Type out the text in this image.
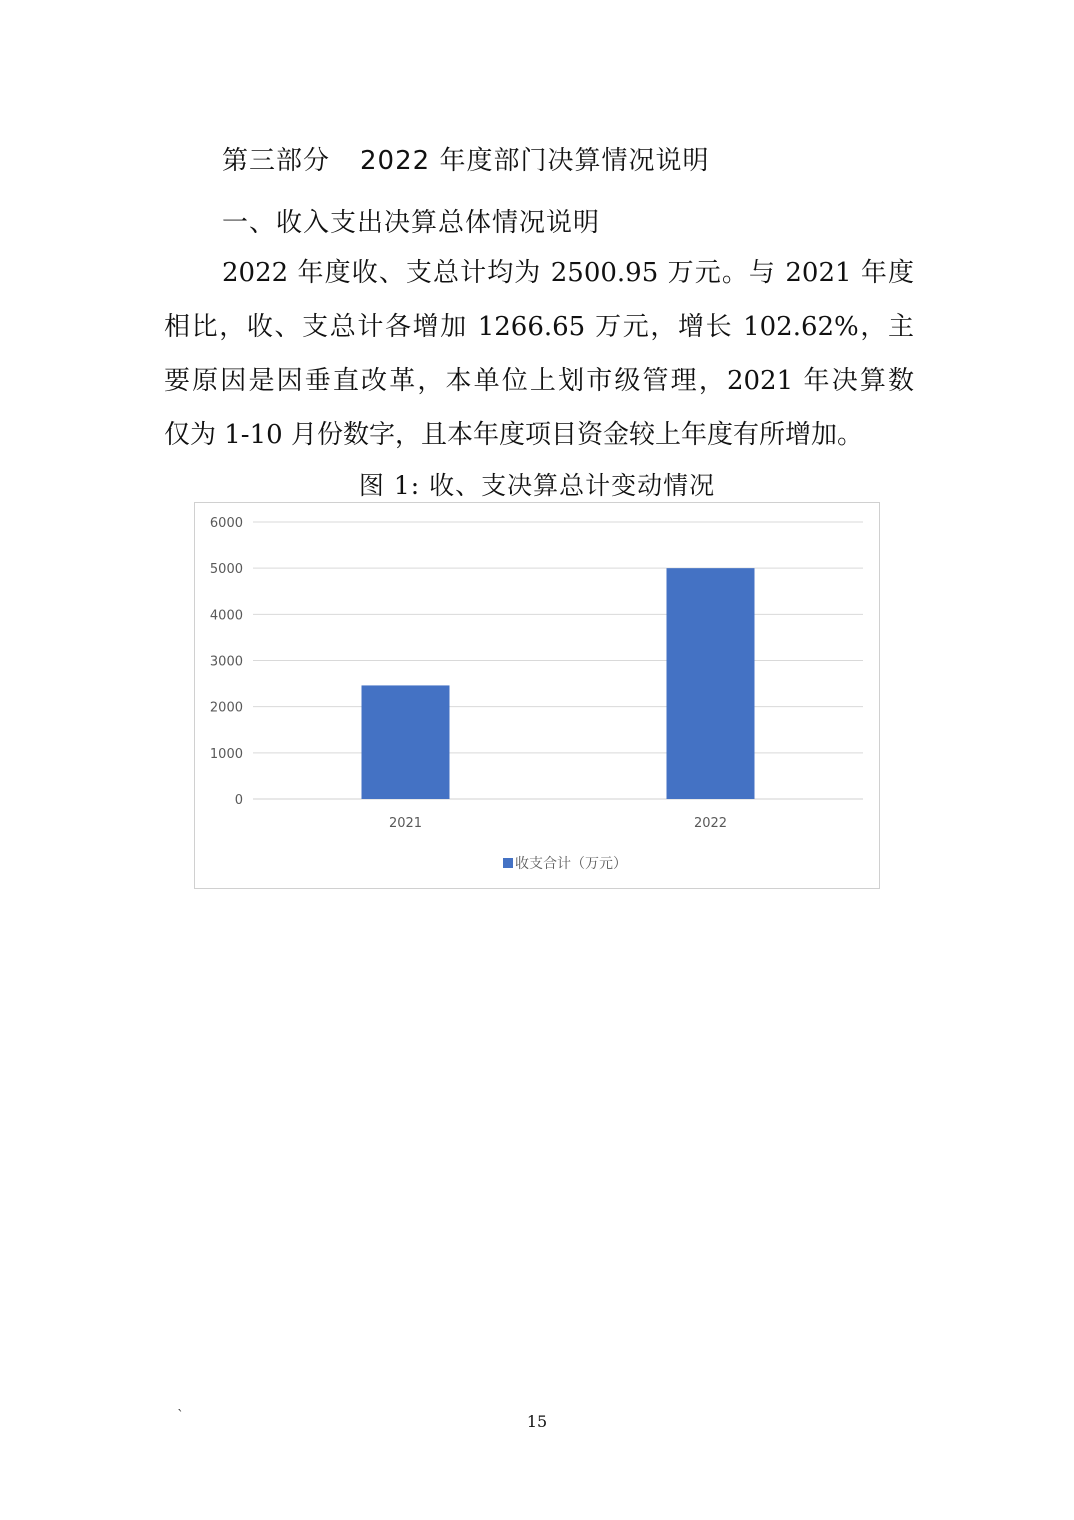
第三部分 2022 年度部门决算情况说明
一、收入支出决算总体情况说明
2022 年度收、支总计均为 2500.95 万元。与 2021 年度
相比，收、支总计各增加 1266.65 万元，增长 102.62%，主
要原因是因垂直改革，本单位上划市级管理，2021 年决算数
仅为 1-10 月份数字，且本年度项目资金较上年度有所增加。
图 1: 收、支决算总计变动情况
0
1000
2000
3000
4000
5000
6000
2021	2022
收支合计（万元）
`	15
